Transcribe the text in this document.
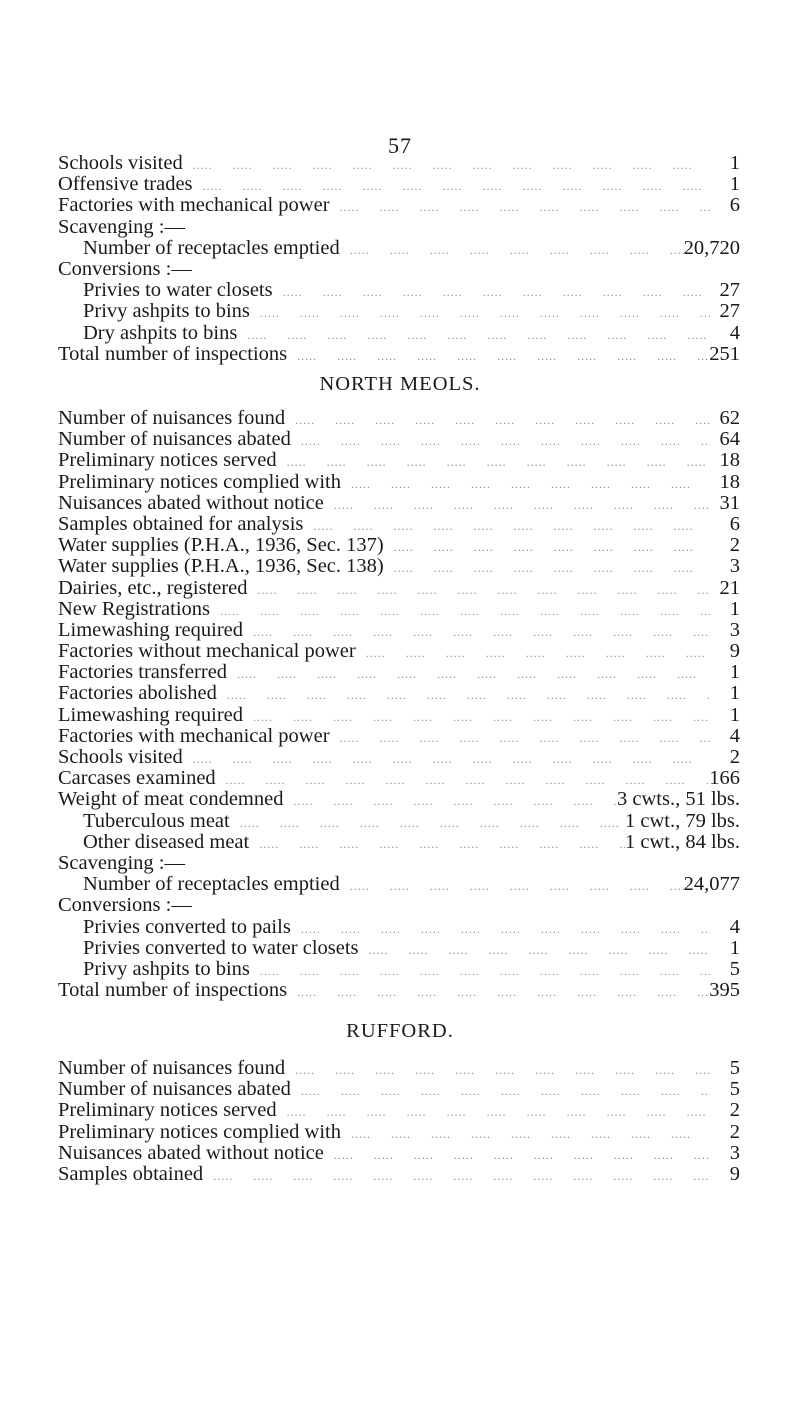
57
Schools visited .....	1
Offensive trades .....	1
Factories with mechanical power .....	6
Scavenging :—
Number of receptacles emptied .....	20,720
Conversions :—
Privies to water closets .....	27
Privy ashpits to bins .....	27
Dry ashpits to bins .....	4
Total number of inspections .....	251
NORTH MEOLS.
Number of nuisances found .....	62
Number of nuisances abated .....	64
Preliminary notices served .....	18
Preliminary notices complied with .....	18
Nuisances abated without notice .....	31
Samples obtained for analysis .....	6
Water supplies (P.H.A., 1936, Sec. 137) .....	2
Water supplies (P.H.A., 1936, Sec. 138) .....	3
Dairies, etc., registered .....	21
New Registrations .....	1
Limewashing required .....	3
Factories without mechanical power .....	9
Factories transferred .....	1
Factories abolished .....	1
Limewashing required .....	1
Factories with mechanical power .....	4
Schools visited .....	2
Carcases examined .....	166
Weight of meat condemned .....	3 cwts., 51 lbs.
Tuberculous meat .....	1 cwt., 79 lbs.
Other diseased meat .....	1 cwt., 84 lbs.
Scavenging :—
Number of receptacles emptied .....	24,077
Conversions :—
Privies converted to pails .....	4
Privies converted to water closets .....	1
Privy ashpits to bins .....	5
Total number of inspections .....	395
RUFFORD.
Number of nuisances found .....	5
Number of nuisances abated .....	5
Preliminary notices served .....	2
Preliminary notices complied with .....	2
Nuisances abated without notice .....	3
Samples obtained .....	9
